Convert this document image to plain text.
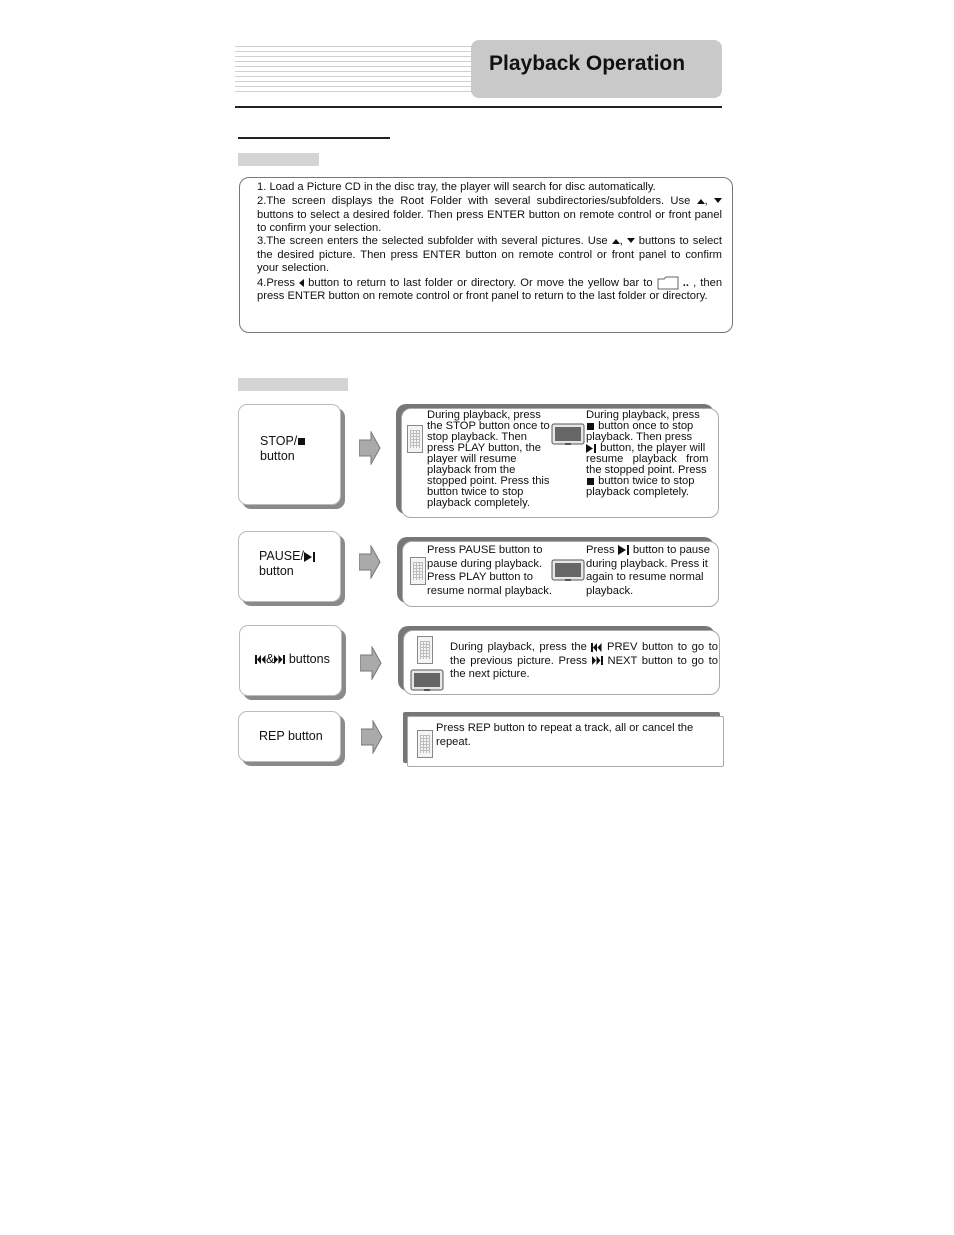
Playback Operation
1. Load a Picture CD in the disc tray, the player will search for disc automatically.
2.The screen displays the Root Folder with several subdirectories/subfolders. Use ,  buttons to select a desired folder. Then press ENTER button on remote control or front panel to confirm your selection.
3.The screen enters the selected subfolder with several pictures. Use , buttons to select the desired picture. Then press ENTER button on remote control or front panel to confirm your selection.
4.Press button to return to last folder or directory. Or move the yellow bar to	.. , then press ENTER button on remote control or front panel to return to the last folder or directory.
STOP/
button
During playback, press the STOP button once to stop playback. Then press PLAY button, the player will resume playback from the stopped point. Press this button twice to stop playback completely.
During playback, press
button once to stop
playback. Then press
button, the player will
resume   playback   from
the stopped point. Press
button twice to stop
playback completely.
PAUSE/
button
Press PAUSE button to pause during playback. Press PLAY button to resume normal playback.
Press button to pause during playback. Press it again to resume normal playback.
& buttons
During playback, press the PREV button to go to the previous picture. Press NEXT button to go to the next picture.
REP button
Press REP button to repeat a track, all or cancel the repeat.
